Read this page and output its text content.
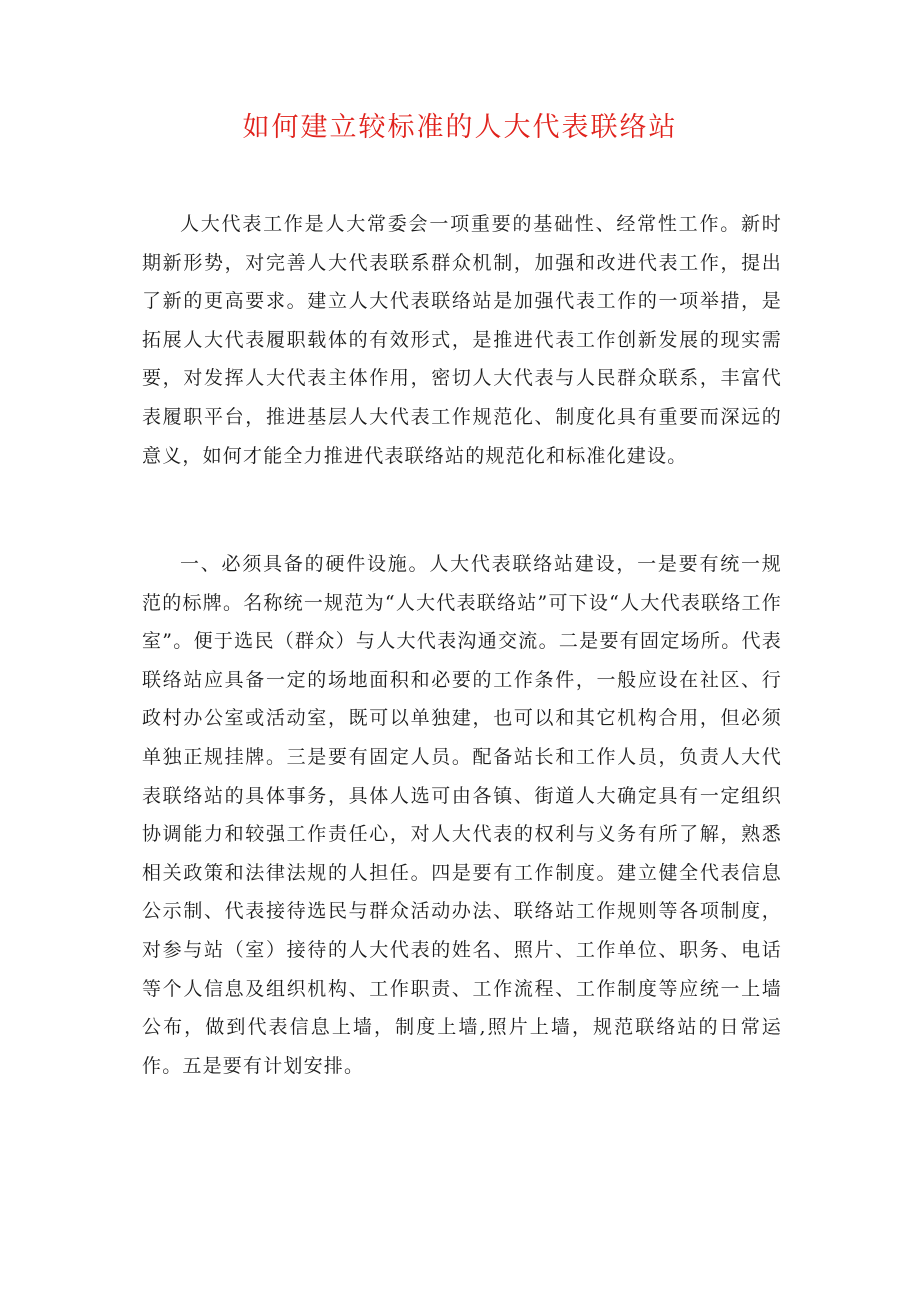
如何建立较标准的人大代表联络站

人大代表工作是人大常委会一项重要的基础性、经常性工作。新时期新形势，对完善人大代表联系群众机制，加强和改进代表工作，提出了新的更高要求。建立人大代表联络站是加强代表工作的一项举措，是拓展人大代表履职载体的有效形式，是推进代表工作创新发展的现实需要，对发挥人大代表主体作用，密切人大代表与人民群众联系，丰富代表履职平台，推进基层人大代表工作规范化、制度化具有重要而深远的意义，如何才能全力推进代表联络站的规范化和标准化建设。

一、必须具备的硬件设施。人大代表联络站建设，一是要有统一规范的标牌。名称统一规范为“人大代表联络站”可下设“人大代表联络工作室”。便于选民（群众）与人大代表沟通交流。二是要有固定场所。代表联络站应具备一定的场地面积和必要的工作条件，一般应设在社区、行政村办公室或活动室，既可以单独建，也可以和其它机构合用，但必须单独正规挂牌。三是要有固定人员。配备站长和工作人员，负责人大代表联络站的具体事务，具体人选可由各镇、街道人大确定具有一定组织协调能力和较强工作责任心，对人大代表的权利与义务有所了解，熟悉相关政策和法律法规的人担任。四是要有工作制度。建立健全代表信息公示制、代表接待选民与群众活动办法、联络站工作规则等各项制度，对参与站（室）接待的人大代表的姓名、照片、工作单位、职务、电话等个人信息及组织机构、工作职责、工作流程、工作制度等应统一上墙公布，做到代表信息上墙，制度上墙,照片上墙，规范联络站的日常运作。五是要有计划安排。
